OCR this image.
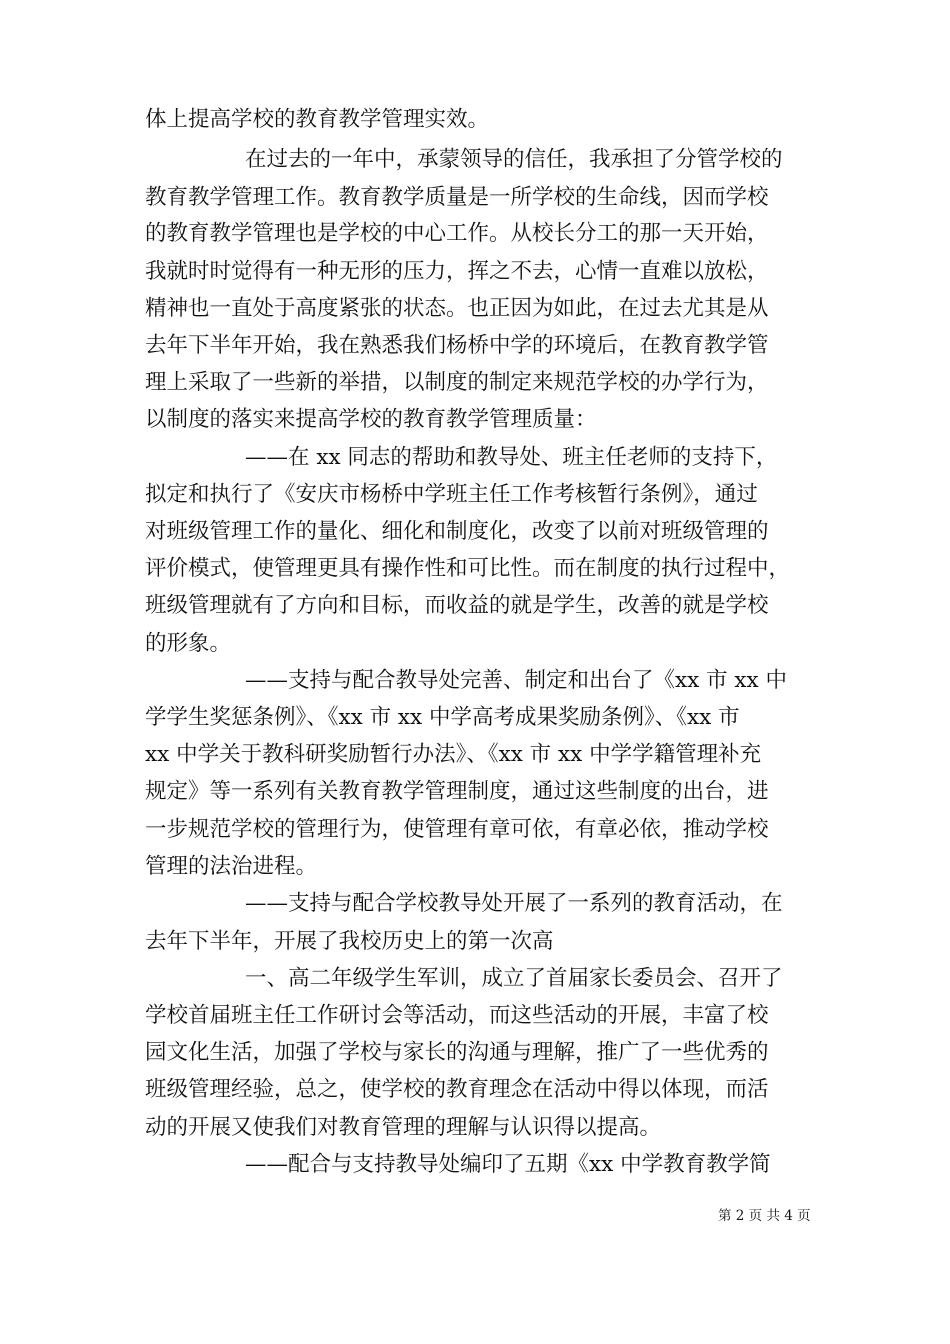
体上提高学校的教育教学管理实效。
在过去的一年中，承蒙领导的信任，我承担了分管学校的
教育教学管理工作。教育教学质量是一所学校的生命线，因而学校
的教育教学管理也是学校的中心工作。从校长分工的那一天开始，
我就时时觉得有一种无形的压力，挥之不去，心情一直难以放松，
精神也一直处于高度紧张的状态。也正因为如此，在过去尤其是从
去年下半年开始，我在熟悉我们杨桥中学的环境后，在教育教学管
理上采取了一些新的举措，以制度的制定来规范学校的办学行为，
以制度的落实来提高学校的教育教学管理质量：
——在 xx 同志的帮助和教导处、班主任老师的支持下，
拟定和执行了《安庆市杨桥中学班主任工作考核暂行条例》，通过
对班级管理工作的量化、细化和制度化，改变了以前对班级管理的
评价模式，使管理更具有操作性和可比性。而在制度的执行过程中，
班级管理就有了方向和目标，而收益的就是学生，改善的就是学校
的形象。
——支持与配合教导处完善、制定和出台了《xx 市 xx 中
学学生奖惩条例》、《xx 市 xx 中学高考成果奖励条例》、《xx 市
xx 中学关于教科研奖励暂行办法》、《xx 市 xx 中学学籍管理补充
规定》等一系列有关教育教学管理制度，通过这些制度的出台，进
一步规范学校的管理行为，使管理有章可依，有章必依，推动学校
管理的法治进程。
——支持与配合学校教导处开展了一系列的教育活动，在
去年下半年，开展了我校历史上的第一次高
一、高二年级学生军训，成立了首届家长委员会、召开了
学校首届班主任工作研讨会等活动，而这些活动的开展，丰富了校
园文化生活，加强了学校与家长的沟通与理解，推广了一些优秀的
班级管理经验，总之，使学校的教育理念在活动中得以体现，而活
动的开展又使我们对教育管理的理解与认识得以提高。
——配合与支持教导处编印了五期《xx 中学教育教学简
第 2 页 共 4 页
